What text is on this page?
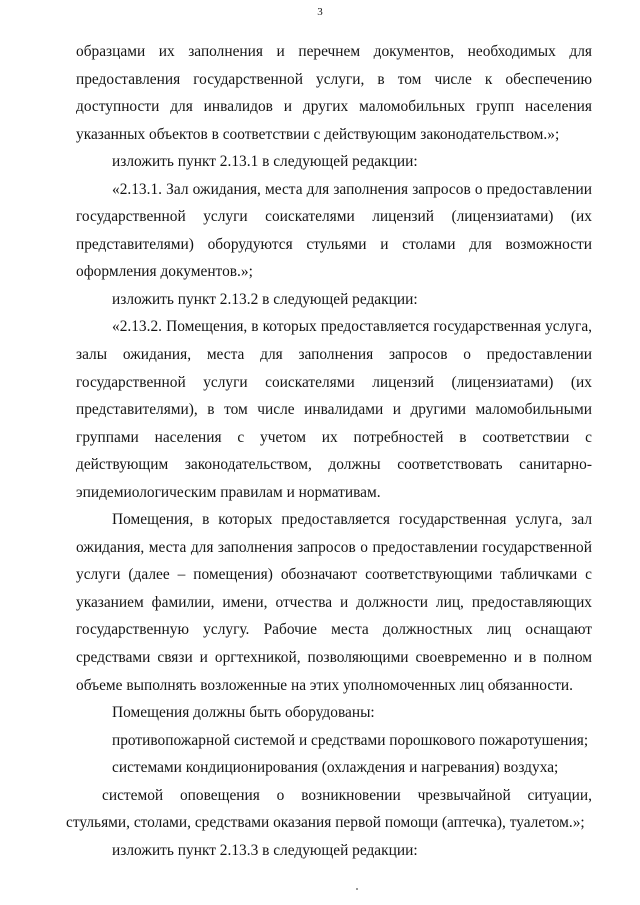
3

образцами их заполнения и перечнем документов, необходимых для предоставления государственной услуги, в том числе к обеспечению доступности для инвалидов и других маломобильных групп населения указанных объектов в соответствии с действующим законодательством.»;

изложить пункт 2.13.1 в следующей редакции:

«2.13.1. Зал ожидания, места для заполнения запросов о предоставлении государственной услуги соискателями лицензий (лицензиатами) (их представителями) оборудуются стульями и столами для возможности оформления документов.»;

изложить пункт 2.13.2 в следующей редакции:

«2.13.2. Помещения, в которых предоставляется государственная услуга, залы ожидания, места для заполнения запросов о предоставлении государственной услуги соискателями лицензий (лицензиатами) (их представителями), в том числе инвалидами и другими маломобильными группами населения с учетом их потребностей в соответствии с действующим законодательством, должны соответствовать санитарно-эпидемиологическим правилам и нормативам.

Помещения, в которых предоставляется государственная услуга, зал ожидания, места для заполнения запросов о предоставлении государственной услуги (далее – помещения) обозначают соответствующими табличками с указанием фамилии, имени, отчества и должности лиц, предоставляющих государственную услугу. Рабочие места должностных лиц оснащают средствами связи и оргтехникой, позволяющими своевременно и в полном объеме выполнять возложенные на этих уполномоченных лиц обязанности.

Помещения должны быть оборудованы:

противопожарной системой и средствами порошкового пожаротушения;

системами кондиционирования (охлаждения и нагревания) воздуха;

системой оповещения о возникновении чрезвычайной ситуации, стульями, столами, средствами оказания первой помощи (аптечка), туалетом.»;

изложить пункт 2.13.3 в следующей редакции:
